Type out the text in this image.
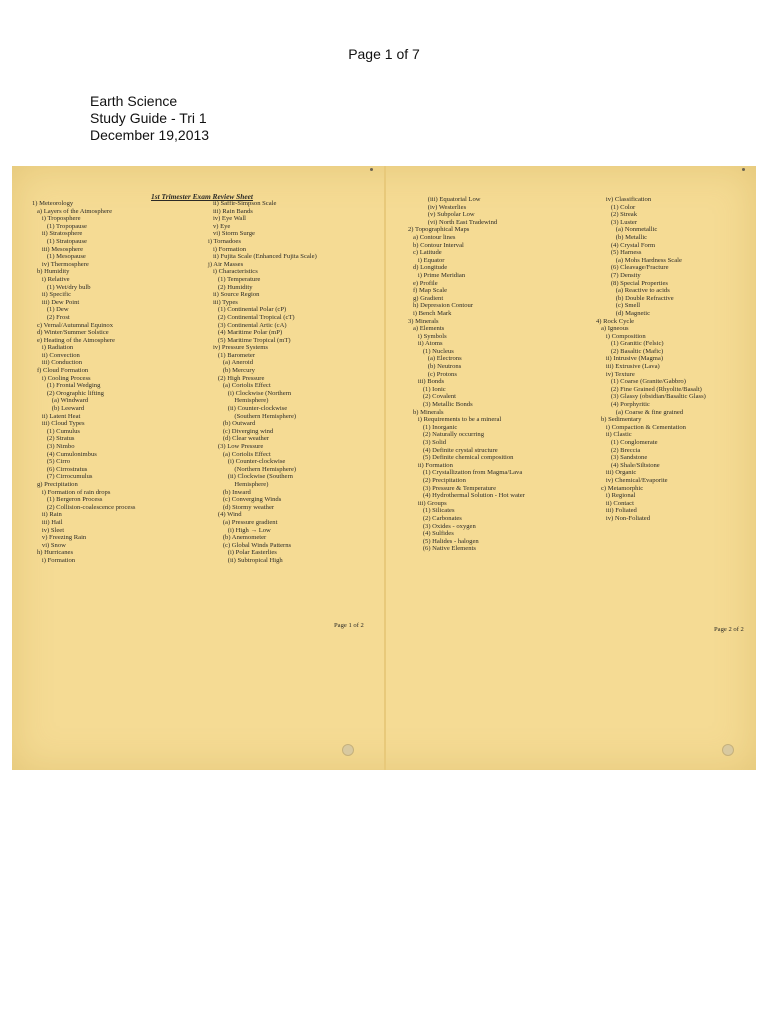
Page 1 of 7
Earth Science
Study Guide - Tri 1
December 19,2013
1st Trimester Exam Review Sheet
1) Meteorology
a) Layers of the Atmosphere
i) Troposphere
(1) Tropopause
ii) Stratosphere
(1) Stratopause
iii) Mesosphere
(1) Mesopause
iv) Thermosphere
b) Humidity
i) Relative
(1) Wet/dry bulb
ii) Specific
iii) Dew Point
(1) Dew
(2) Frost
c) Vernal/Autumnal Equinox
d) Winter/Summer Solstice
e) Heating of the Atmosphere
i) Radiation
ii) Convection
iii) Conduction
f) Cloud Formation
i) Cooling Process
(1) Frontal Wedging
(2) Orographic lifting
(a) Windward
(b) Leeward
ii) Latent Heat
iii) Cloud Types
(1) Cumulus
(2) Stratus
(3) Nimbo
(4) Cumulonimbus
(5) Cirro
(6) Cirrostratus
(7) Cirrocumulus
g) Precipitation
i) Formation of rain drops
(1) Bergeron Process
(2) Collision-coalescence process
ii) Rain
iii) Hail
iv) Sleet
v) Freezing Rain
vi) Snow
h) Hurricanes
i) Formation
ii) Saffir-Simpson Scale
iii) Rain Bands
iv) Eye Wall
v) Eye
vi) Storm Surge
i) Tornadoes
i) Formation
ii) Fujita Scale (Enhanced Fujita Scale)
j) Air Masses
i) Characteristics
(1) Temperature
(2) Humidity
ii) Source Region
iii) Types
(1) Continental Polar (cP)
(2) Continental Tropical (cT)
(3) Continental Artic (cA)
(4) Maritime Polar (mP)
(5) Maritime Tropical (mT)
iv) Pressure Systems
(1) Barometer
(a) Aneroid
(b) Mercury
(2) High Pressure
(a) Coriolis Effect
(i) Clockwise (Northern
Hemisphere)
(ii) Counter-clockwise
(Southern Hemisphere)
(b) Outward
(c) Diverging wind
(d) Clear weather
(3) Low Pressure
(a) Coriolis Effect
(i) Counter-clockwise
(Northern Hemisphere)
(ii) Clockwise (Southern
Hemisphere)
(b) Inward
(c) Converging Winds
(d) Stormy weather
(4) Wind
(a) Pressure gradient
(i) High → Low
(b) Anemometer
(c) Global Winds Patterns
(i) Polar Easterlies
(ii) Subtropical High
Page 1 of 2
(iii) Equatorial Low
(iv) Westerlies
(v) Subpolar Low
(vi) North East Tradewind
2) Topographical Maps
a) Contour lines
b) Contour Interval
c) Latitude
i) Equator
d) Longitude
i) Prime Meridian
e) Profile
f) Map Scale
g) Gradient
h) Depression Contour
i) Bench Mark
3) Minerals
a) Elements
i) Symbols
ii) Atoms
(1) Nucleus
(a) Electrons
(b) Neutrons
(c) Protons
iii) Bonds
(1) Ionic
(2) Covalent
(3) Metallic Bonds
b) Minerals
i) Requirements to be a mineral
(1) Inorganic
(2) Naturally occurring
(3) Solid
(4) Definite crystal structure
(5) Definite chemical composition
ii) Formation
(1) Crystallization from Magma/Lava
(2) Precipitation
(3) Pressure & Temperature
(4) Hydrothermal Solution - Hot water
iii) Groups
(1) Silicates
(2) Carbonates
(3) Oxides - oxygen
(4) Sulfides
(5) Halides - halogen
(6) Native Elements
iv) Classification
(1) Color
(2) Streak
(3) Luster
(a) Nonmetallic
(b) Metallic
(4) Crystal Form
(5) Harness
(a) Mohs Hardness Scale
(6) Cleavage/Fracture
(7) Density
(8) Special Properties
(a) Reactive to acids
(b) Double Refractive
(c) Smell
(d) Magnetic
4) Rock Cycle
a) Igneous
i) Composition
(1) Granitic (Felsic)
(2) Basaltic (Mafic)
ii) Intrusive (Magma)
iii) Extrusive (Lava)
iv) Texture
(1) Coarse (Granite/Gabbro)
(2) Fine Grained (Rhyolite/Basalt)
(3) Glassy (obsidian/Basaltic Glass)
(4) Porphyritic
(a) Coarse & fine grained
b) Sedimentary
i) Compaction & Cementation
ii) Clastic
(1) Conglomerate
(2) Breccia
(3) Sandstone
(4) Shale/Siltstone
iii) Organic
iv) Chemical/Evaporite
c) Metamorphic
i) Regional
ii) Contact
iii) Foliated
iv) Non-Foliated
Page 2 of 2
